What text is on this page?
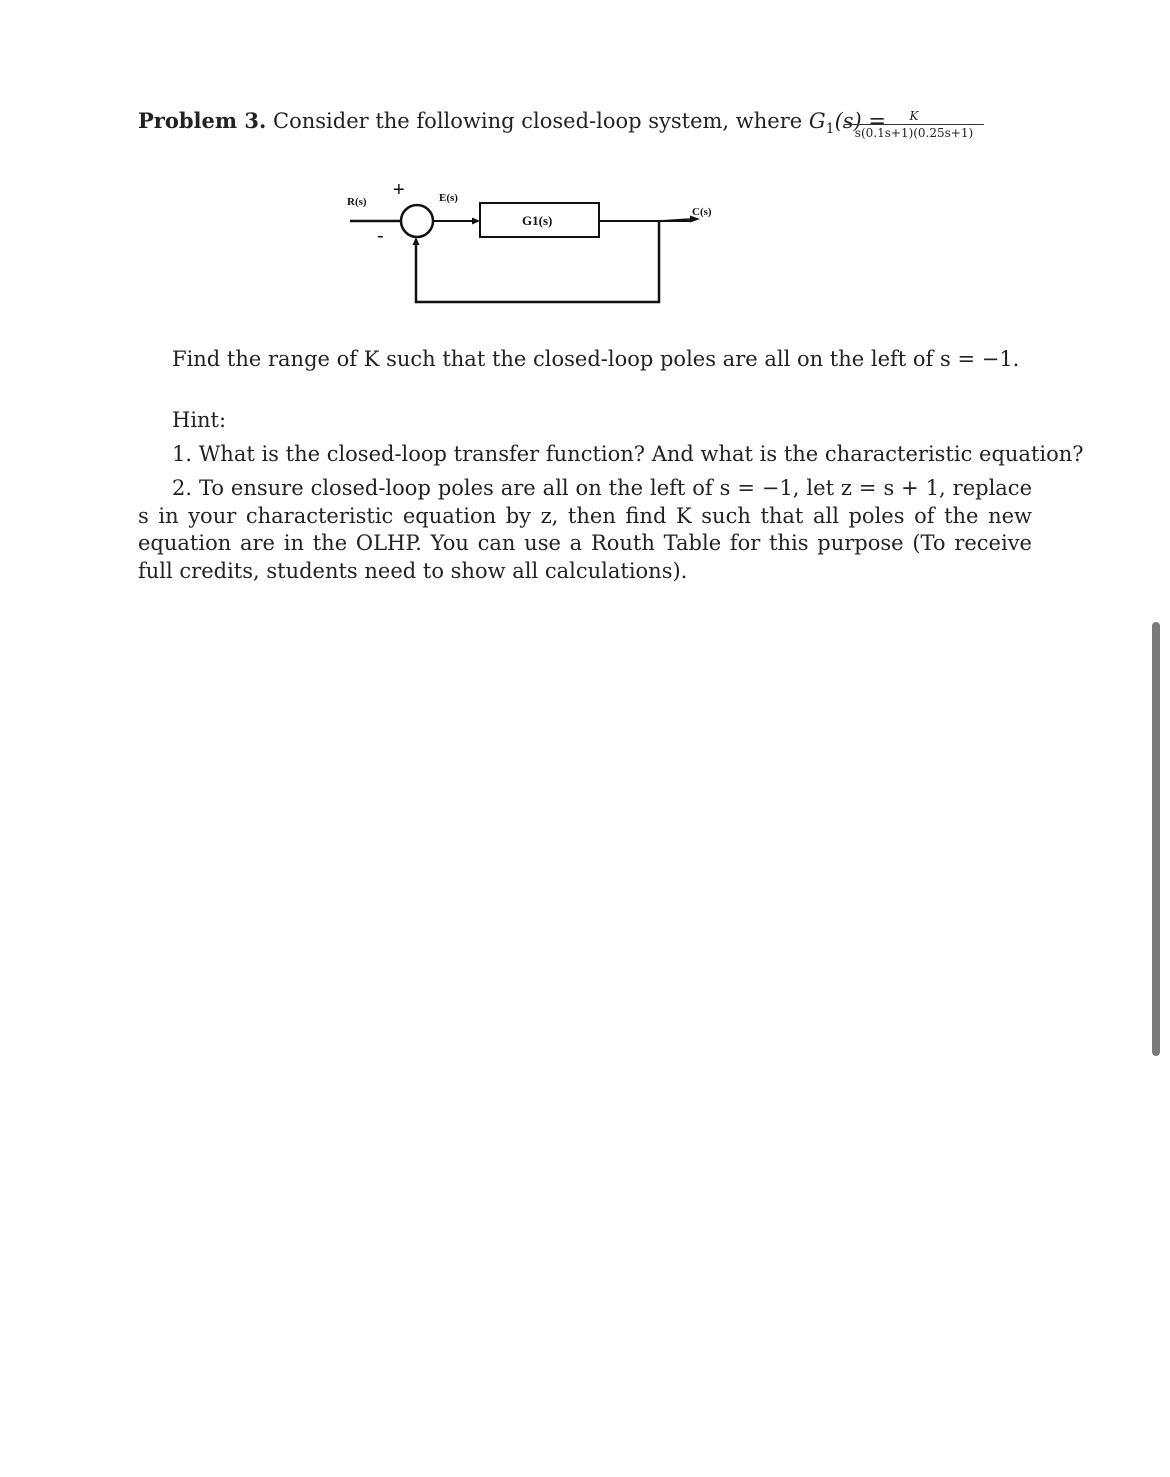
Problem 3. Consider the following closed-loop system, where $G_1(s)$ =	K
s(0.1s+1)(0.25s+1)
R(s)
+
-
E(s)
C(s)
G1(s)
Find the range of K such that the closed-loop poles are all on the left of s = −1.
Hint:
1. What is the closed-loop transfer function? And what is the characteristic equation?
2. To ensure closed-loop poles are all on the left of s = −1, let z = s + 1, replace s in your characteristic equation by z, then find K such that all poles of the new equation are in the OLHP. You can use a Routh Table for this purpose (To receive full credits, students need to show all calculations).
